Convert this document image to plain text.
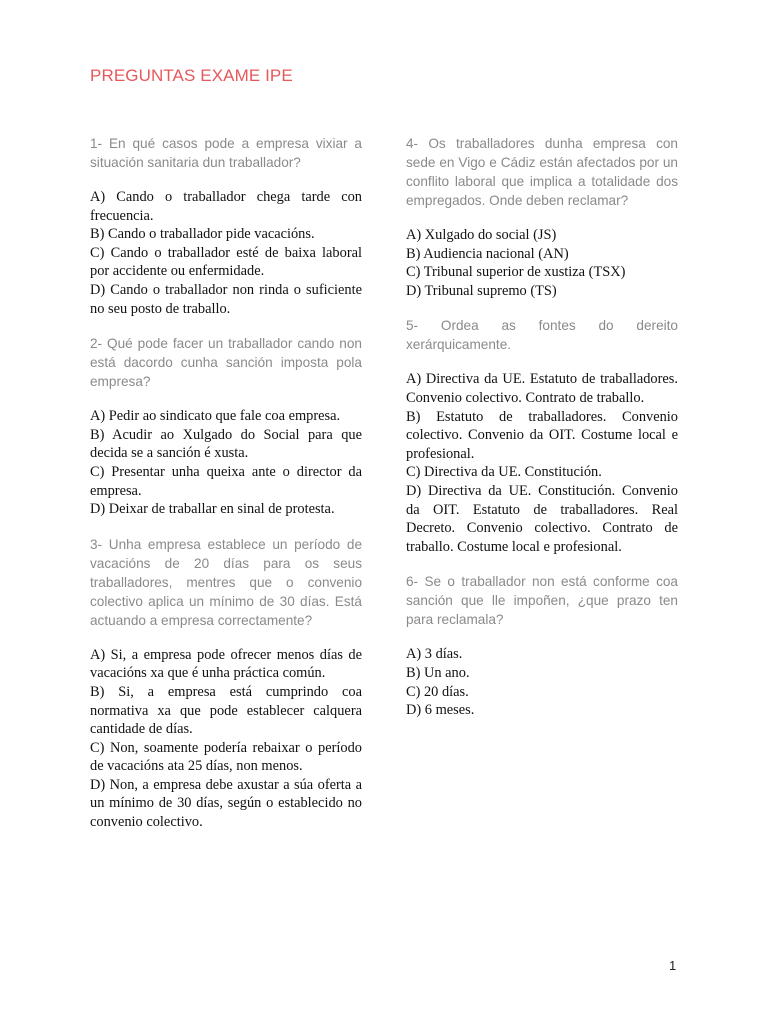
PREGUNTAS EXAME IPE

1- En qué casos pode a empresa vixiar a situación sanitaria dun traballador?

A) Cando o traballador chega tarde con frecuencia.

B) Cando o traballador pide vacacións.

C) Cando o traballador esté de baixa laboral por accidente ou enfermidade.

D) Cando o traballador non rinda o suficiente no seu posto de traballo.

2- Qué pode facer un traballador cando non está dacordo cunha sanción imposta pola empresa?

A) Pedir ao sindicato que fale coa empresa.

B) Acudir ao Xulgado do Social para que decida se a sanción é xusta.

C) Presentar unha queixa ante o director da empresa.

D) Deixar de traballar en sinal de protesta.

3- Unha empresa establece un período de vacacións de 20 días para os seus traballadores, mentres que o convenio colectivo aplica un mínimo de 30 días. Está actuando a empresa correctamente?

A) Si, a empresa pode ofrecer menos días de vacacións xa que é unha práctica común.

B) Si, a empresa está cumprindo coa normativa xa que pode establecer calquera cantidade de días.

C) Non, soamente podería rebaixar o período de vacacións ata 25 días, non menos.

D) Non, a empresa debe axustar a súa oferta a un mínimo de 30 días, según o establecido no convenio colectivo.

4- Os traballadores dunha empresa con sede en Vigo e Cádiz están afectados por un conflito laboral que implica a totalidade dos empregados. Onde deben reclamar?

A) Xulgado do social (JS)

B) Audiencia nacional (AN)

C) Tribunal superior de xustiza (TSX)

D) Tribunal supremo (TS)

5- Ordea as fontes do dereito xerárquicamente.

A) Directiva da UE. Estatuto de traballadores. Convenio colectivo. Contrato de traballo.

B) Estatuto de traballadores. Convenio colectivo. Convenio da OIT. Costume local e profesional.

C) Directiva da UE. Constitución.

D) Directiva da UE. Constitución. Convenio da OIT. Estatuto de traballadores. Real Decreto. Convenio colectivo. Contrato de traballo. Costume local e profesional.

6- Se o traballador non está conforme coa sanción que lle impoñen, ¿que prazo ten para reclamala?

A) 3 días.

B) Un ano.

C) 20 días.

D) 6 meses.

1
